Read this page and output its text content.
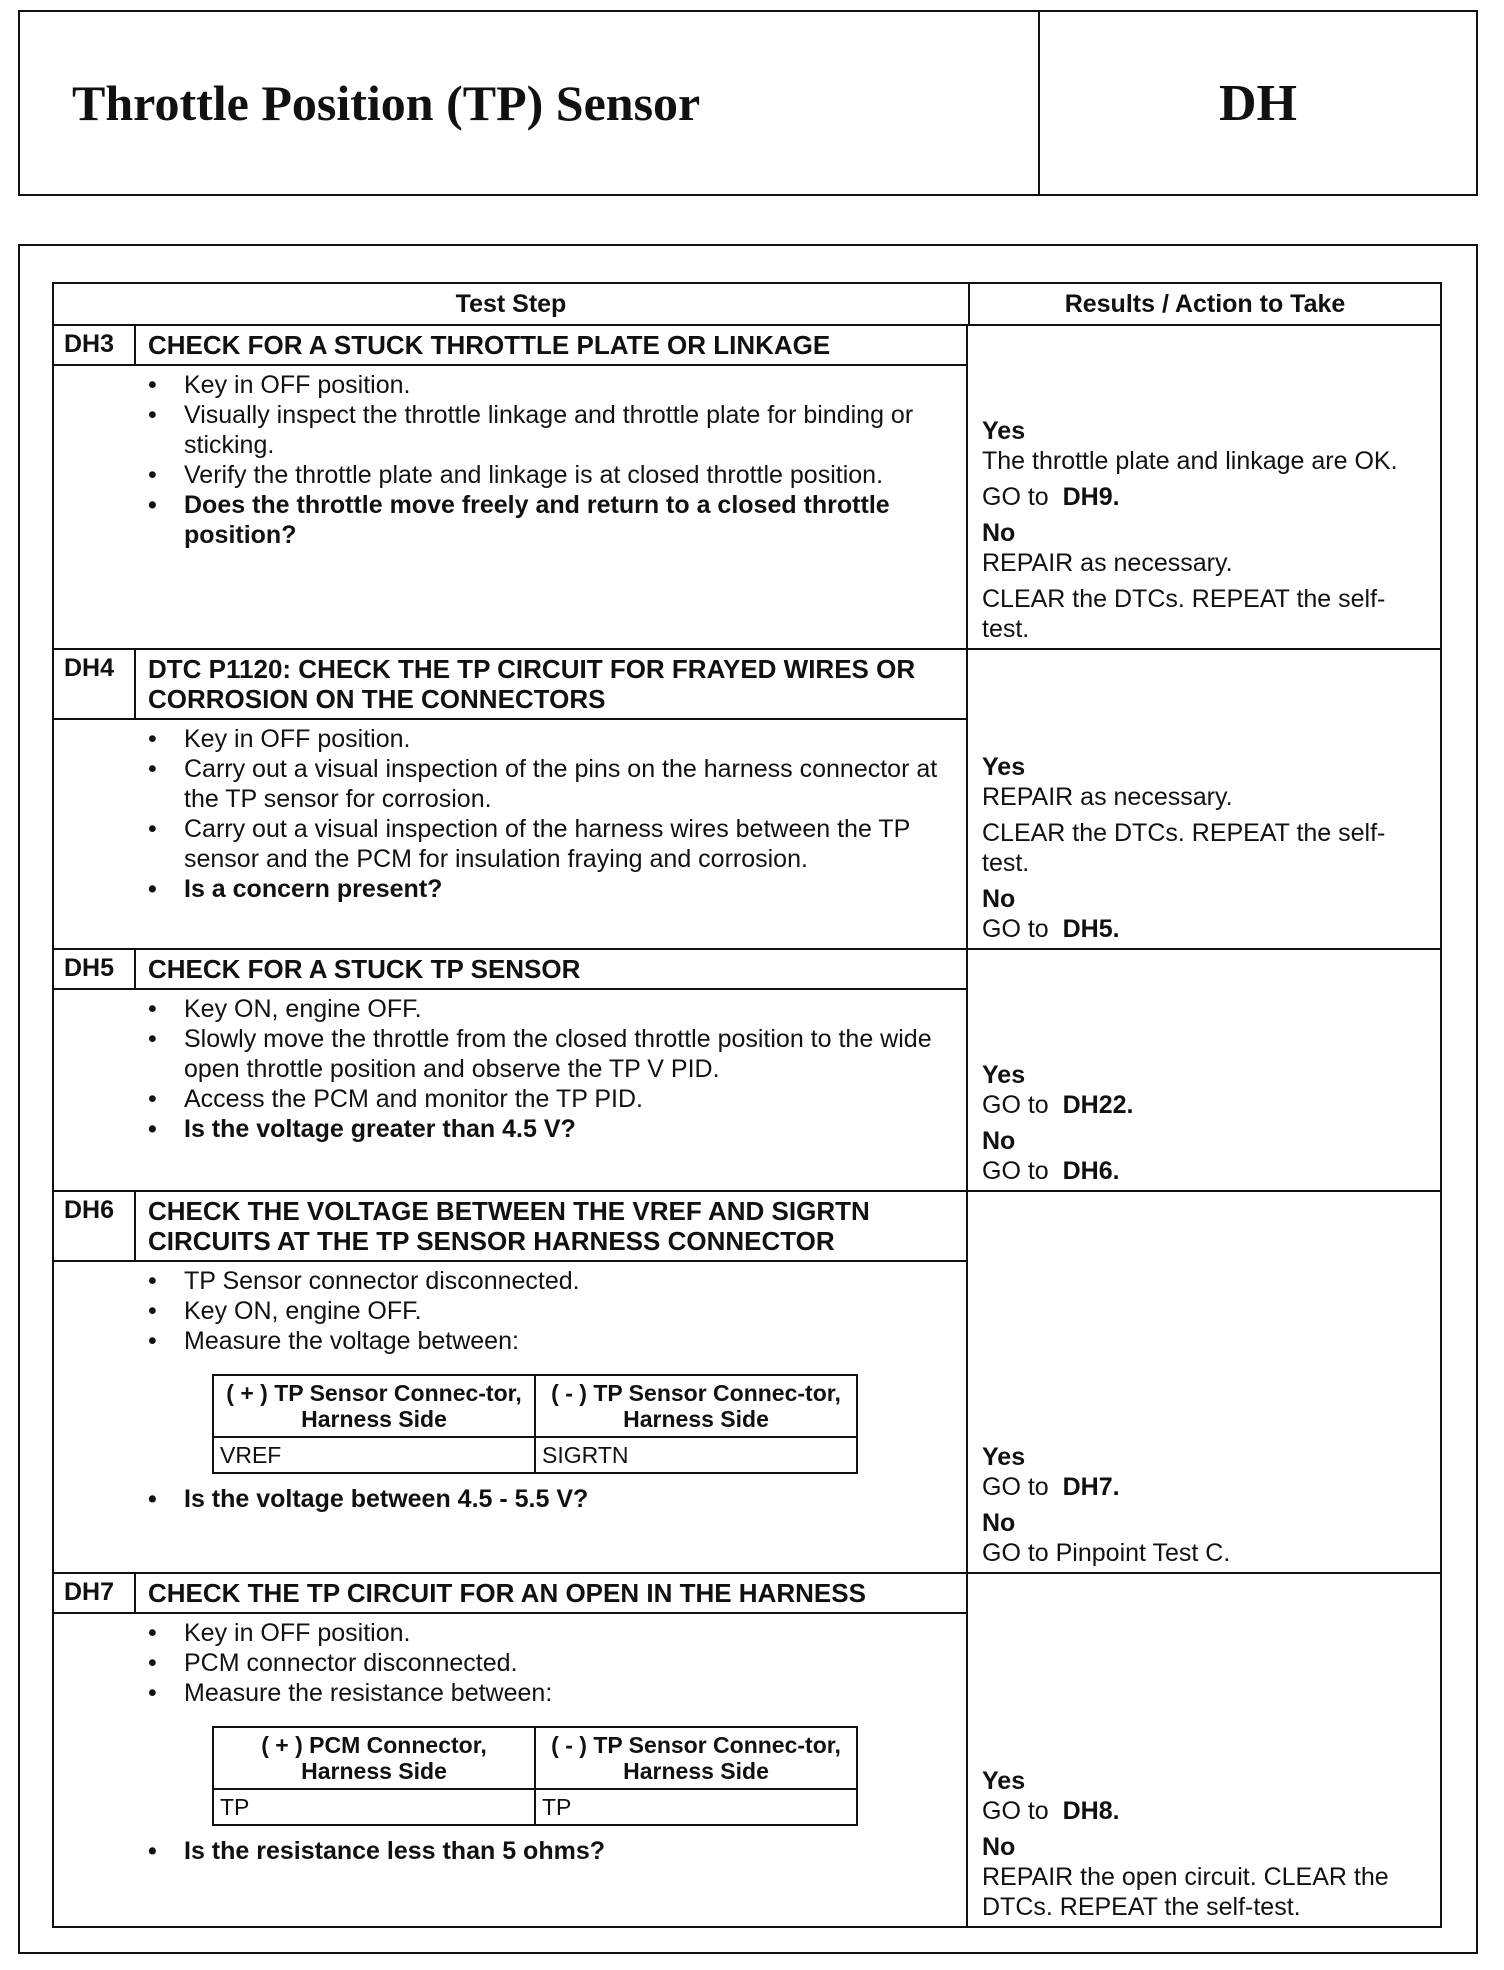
Throttle Position (TP) Sensor	DH
Test Step	Results / Action to Take
DH3	CHECK FOR A STUCK THROTTLE PLATE OR LINKAGE
• Key in OFF position.
• Visually inspect the throttle linkage and throttle plate for binding or sticking.
• Verify the throttle plate and linkage is at closed throttle position.
• Does the throttle move freely and return to a closed throttle position?

Yes

The throttle plate and linkage are OK.

GO to DH9.

No

REPAIR as necessary.

CLEAR the DTCs. REPEAT the self-test.

DH4	DTC P1120: CHECK THE TP CIRCUIT FOR FRAYED WIRES OR CORROSION ON THE CONNECTORS
• Key in OFF position.
• Carry out a visual inspection of the pins on the harness connector at the TP sensor for corrosion.
• Carry out a visual inspection of the harness wires between the TP sensor and the PCM for insulation fraying and corrosion.
• Is a concern present?

Yes

REPAIR as necessary.

CLEAR the DTCs. REPEAT the self-test.

No

GO to DH5.

DH5	CHECK FOR A STUCK TP SENSOR
• Key ON, engine OFF.
• Slowly move the throttle from the closed throttle position to the wide open throttle position and observe the TP V PID.
• Access the PCM and monitor the TP PID.
• Is the voltage greater than 4.5 V?

Yes

GO to DH22.

No

GO to DH6.

DH6	CHECK THE VOLTAGE BETWEEN THE VREF AND SIGRTN CIRCUITS AT THE TP SENSOR HARNESS CONNECTOR
• TP Sensor connector disconnected.
• Key ON, engine OFF.
• Measure the voltage between:
( + ) TP Sensor Connec-tor, Harness Side	( - ) TP Sensor Connec-tor, Harness Side
VREF	SIGRTN
• Is the voltage between 4.5 - 5.5 V?

Yes

GO to DH7.

No

GO to Pinpoint Test C.

DH7	CHECK THE TP CIRCUIT FOR AN OPEN IN THE HARNESS
• Key in OFF position.
• PCM connector disconnected.
• Measure the resistance between:
( + ) PCM Connector, Harness Side	( - ) TP Sensor Connec-tor, Harness Side
TP	TP
• Is the resistance less than 5 ohms?

Yes

GO to DH8.

No

REPAIR the open circuit. CLEAR the DTCs. REPEAT the self-test.
